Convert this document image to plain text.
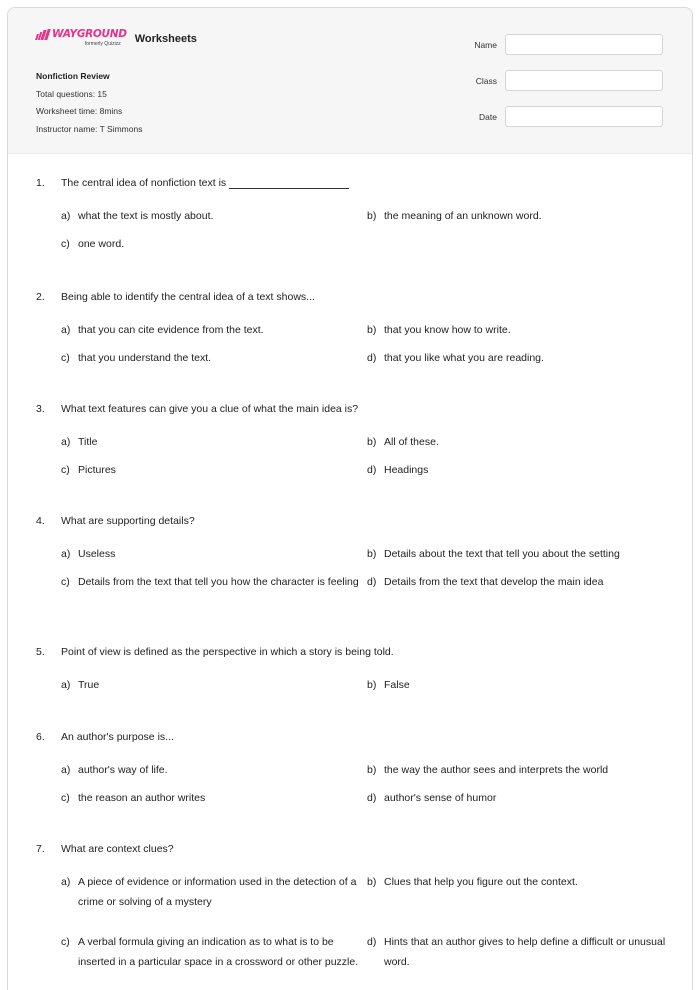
WAYGROUND
formerly Quizizz Worksheets
Nonfiction Review
Total questions: 15
Worksheet time: 8mins
Instructor name: T Simmons
Name
Class
Date
1.	The central idea of nonfiction text is
a) what the text is mostly about.	b) the meaning of an unknown word.
c) one word.
2.	Being able to identify the central idea of a text shows...
a) that you can cite evidence from the text.	b) that you know how to write.
c) that you understand the text.	d) that you like what you are reading.
3.	What text features can give you a clue of what the main idea is?
a) Title	b) All of these.
c) Pictures	d) Headings
4.	What are supporting details?
a) Useless	b) Details about the text that tell you about the setting
c) Details from the text that tell you how the character is feeling d) Details from the text that develop the main idea
5.	Point of view is defined as the perspective in which a story is being told.
a) True	b) False
6.	An author's purpose is...
a) author's way of life.	b) the way the author sees and interprets the world
c) the reason an author writes	d) author's sense of humor
7.	What are context clues?
a) A piece of evidence or information used in the detection of a crime or solving of a mystery
b) Clues that help you figure out the context.
c) A verbal formula giving an indication as to what is to be inserted in a particular space in a crossword or other puzzle.
d) Hints that an author gives to help define a difficult or unusual word.
